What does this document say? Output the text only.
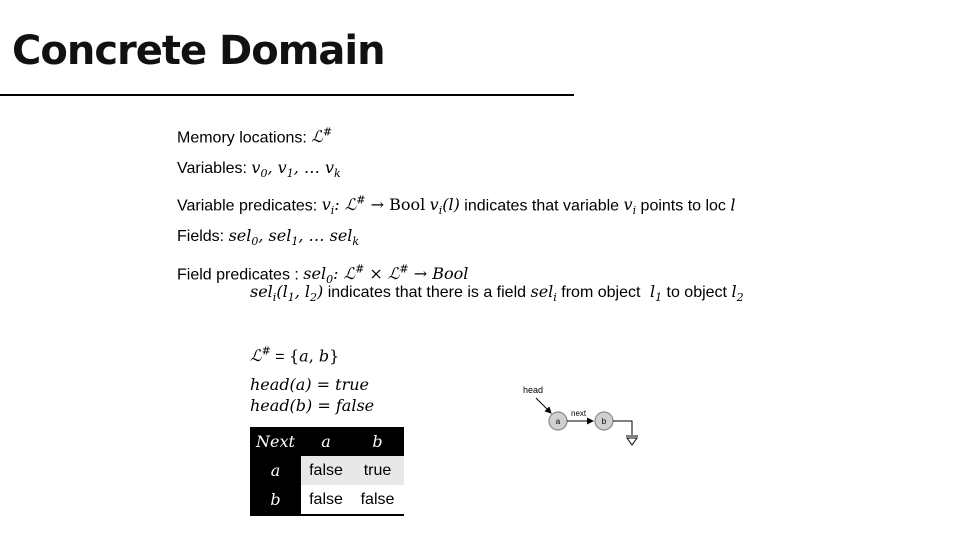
Concrete Domain
Memory locations: ℒ#
Variables: $v_0$, $v_1$, … $v_k$
Variable predicates: $v_i$: ℒ# → Bool $v_i(l)$ indicates that variable $v_i$ points to loc l
Fields: sel$_0$, sel$_1$, … sel$_k$
Field predicates : sel$_0$: ℒ# × ℒ# → Bool
$sel_i(l_1$, $l_2$) indicates that there is a field sel$_i$ from object  $l_1$ to object $l_2$
ℒ# = {a, b}
head(a) = true
head(b) = false
Next	a	b
a	false	true
b	false	false
head
a
next
b
